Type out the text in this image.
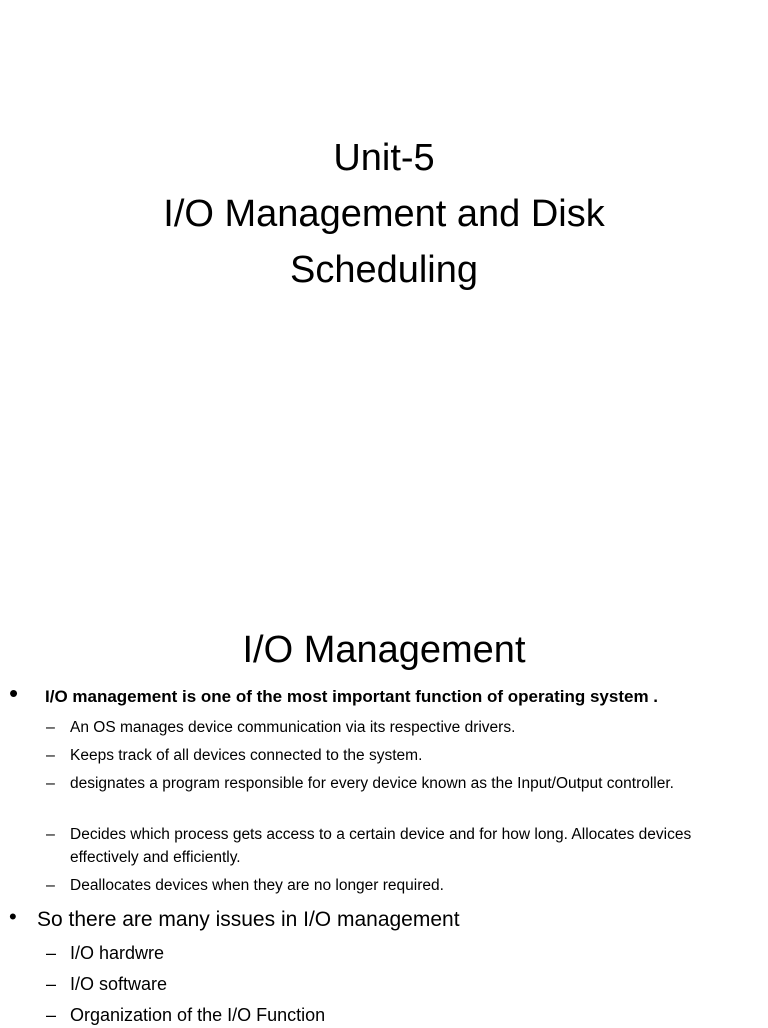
Unit-5
I/O Management and Disk
Scheduling
I/O Management
• I/O management is one of the most important function of operating system .
– An OS manages device communication via its respective drivers.
– Keeps track of all devices connected to the system.
– designates a program responsible for every device known as the Input/Output controller.
– Decides which process gets access to a certain device and for how long. Allocates devices effectively and efficiently.
– Deallocates devices when they are no longer required.
• So there are many issues in I/O management
– I/O hardwre
– I/O software
– Organization of the I/O Function
